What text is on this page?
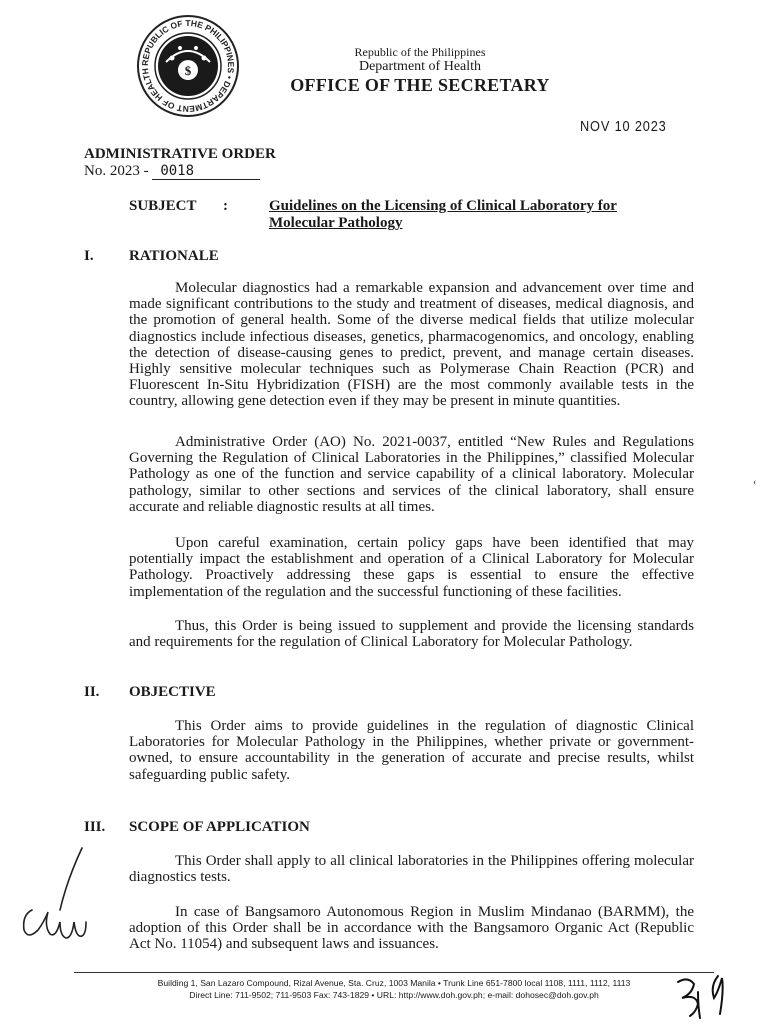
REPUBLIC OF THE PHILIPPINES • DEPARTMENT OF HEALTH	$
Republic of the Philippines
Department of Health
OFFICE OF THE SECRETARY
NOV 10 2023
ADMINISTRATIVE ORDER
No. 2023 - 0018
SUBJECT :	Guidelines on the Licensing of Clinical Laboratory for Molecular Pathology
I. RATIONALE
Molecular diagnostics had a remarkable expansion and advancement over time and made significant contributions to the study and treatment of diseases, medical diagnosis, and the promotion of general health. Some of the diverse medical fields that utilize molecular diagnostics include infectious diseases, genetics, pharmacogenomics, and oncology, enabling the detection of disease-causing genes to predict, prevent, and manage certain diseases. Highly sensitive molecular techniques such as Polymerase Chain Reaction (PCR) and Fluorescent In-Situ Hybridization (FISH) are the most commonly available tests in the country, allowing gene detection even if they may be present in minute quantities.
Administrative Order (AO) No. 2021-0037, entitled “New Rules and Regulations Governing the Regulation of Clinical Laboratories in the Philippines,” classified Molecular Pathology as one of the function and service capability of a clinical laboratory. Molecular pathology, similar to other sections and services of the clinical laboratory, shall ensure accurate and reliable diagnostic results at all times.
Upon careful examination, certain policy gaps have been identified that may potentially impact the establishment and operation of a Clinical Laboratory for Molecular Pathology. Proactively addressing these gaps is essential to ensure the effective implementation of the regulation and the successful functioning of these facilities.
Thus, this Order is being issued to supplement and provide the licensing standards and requirements for the regulation of Clinical Laboratory for Molecular Pathology.
II. OBJECTIVE
This Order aims to provide guidelines in the regulation of diagnostic Clinical Laboratories for Molecular Pathology in the Philippines, whether private or government-owned, to ensure accountability in the generation of accurate and precise results, whilst safeguarding public safety.
III. SCOPE OF APPLICATION
This Order shall apply to all clinical laboratories in the Philippines offering molecular diagnostics tests.
In case of Bangsamoro Autonomous Region in Muslim Mindanao (BARMM), the adoption of this Order shall be in accordance with the Bangsamoro Organic Act (Republic Act No. 11054) and subsequent laws and issuances.
‹
Building 1, San Lazaro Compound, Rizal Avenue, Sta. Cruz, 1003 Manila • Trunk Line 651-7800 local 1108, 1111, 1112, 1113
Direct Line: 711-9502; 711-9503 Fax: 743-1829 • URL: http://www.doh.gov.ph; e-mail: dohosec@doh.gov.ph
